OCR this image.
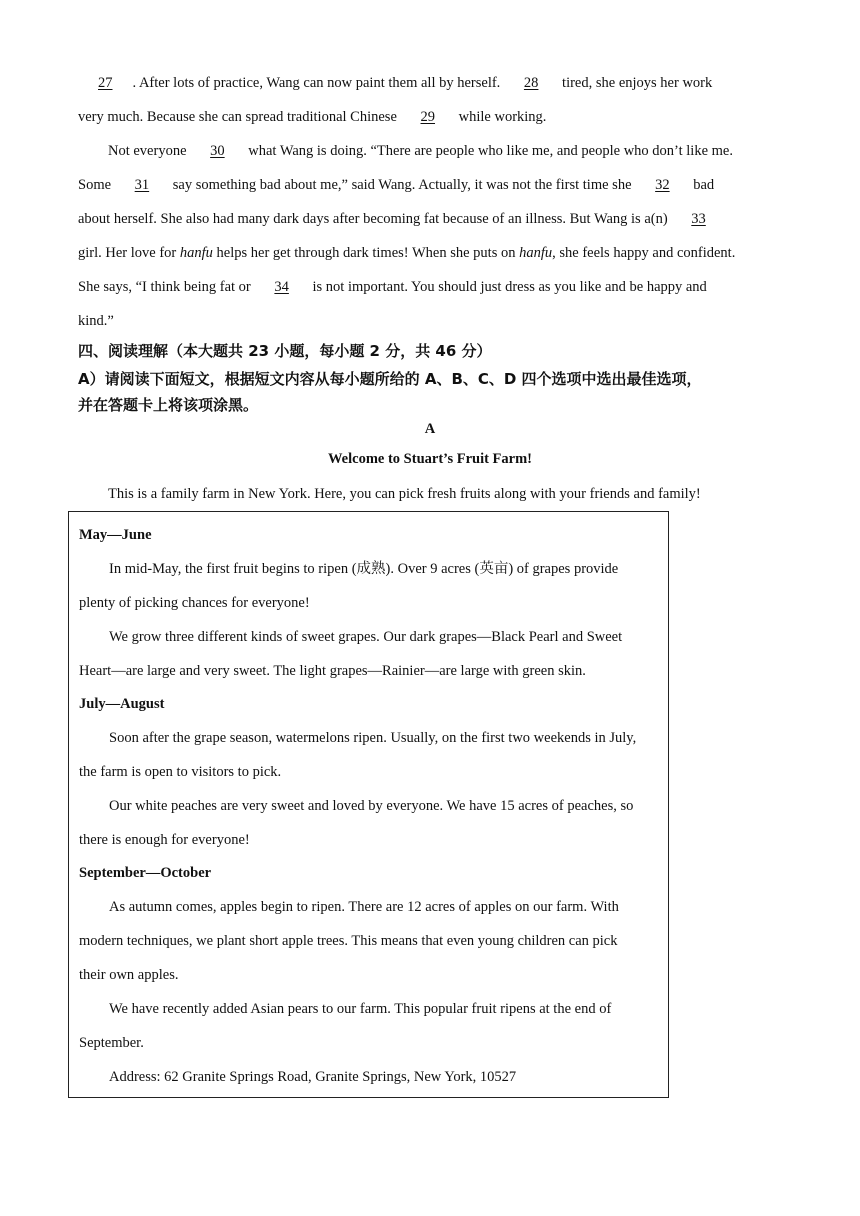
27 . After lots of practice, Wang can now paint them all by herself. 28 tired, she enjoys her work
very much. Because she can spread traditional Chinese 29 while working.
Not everyone 30 what Wang is doing. “There are people who like me, and people who don’t like me.
Some 31 say something bad about me,” said Wang. Actually, it was not the first time she 32 bad
about herself. She also had many dark days after becoming fat because of an illness. But Wang is a(n) 33
girl. Her love for hanfu helps her get through dark times! When she puts on hanfu, she feels happy and confident.
She says, “I think being fat or 34 is not important. You should just dress as you like and be happy and
kind.”
四、阅读理解（本大题共 23 小题，每小题 2 分，共 46 分）
A）请阅读下面短文，根据短文内容从每小题所给的 A、B、C、D 四个选项中选出最佳选项，
并在答题卡上将该项涂黑。
A
Welcome to Stuart’s Fruit Farm!
This is a family farm in New York. Here, you can pick fresh fruits along with your friends and family!
May—June
In mid-May, the first fruit begins to ripen (成熟). Over 9 acres (英亩) of grapes provide
plenty of picking chances for everyone!
We grow three different kinds of sweet grapes. Our dark grapes—Black Pearl and Sweet
Heart—are large and very sweet. The light grapes—Rainier—are large with green skin.
July—August
Soon after the grape season, watermelons ripen. Usually, on the first two weekends in July,
the farm is open to visitors to pick.
Our white peaches are very sweet and loved by everyone. We have 15 acres of peaches, so
there is enough for everyone!
September—October
As autumn comes, apples begin to ripen. There are 12 acres of apples on our farm. With
modern techniques, we plant short apple trees. This means that even young children can pick
their own apples.
We have recently added Asian pears to our farm. This popular fruit ripens at the end of
September.
Address: 62 Granite Springs Road, Granite Springs, New York, 10527
